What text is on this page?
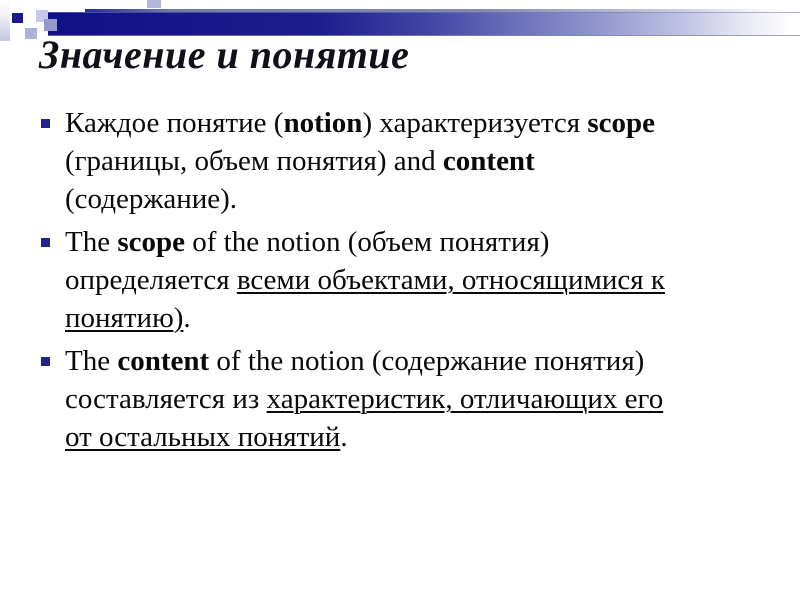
Значение и понятие
Каждое понятие (notion) характеризуется scope
(границы, объем понятия) and content
(содержание).
The scope of the notion (объем понятия)
определяется всеми объектами, относящимися к
понятию).
The content of the notion (содержание понятия)
составляется из характеристик, отличающих его
от остальных понятий.
